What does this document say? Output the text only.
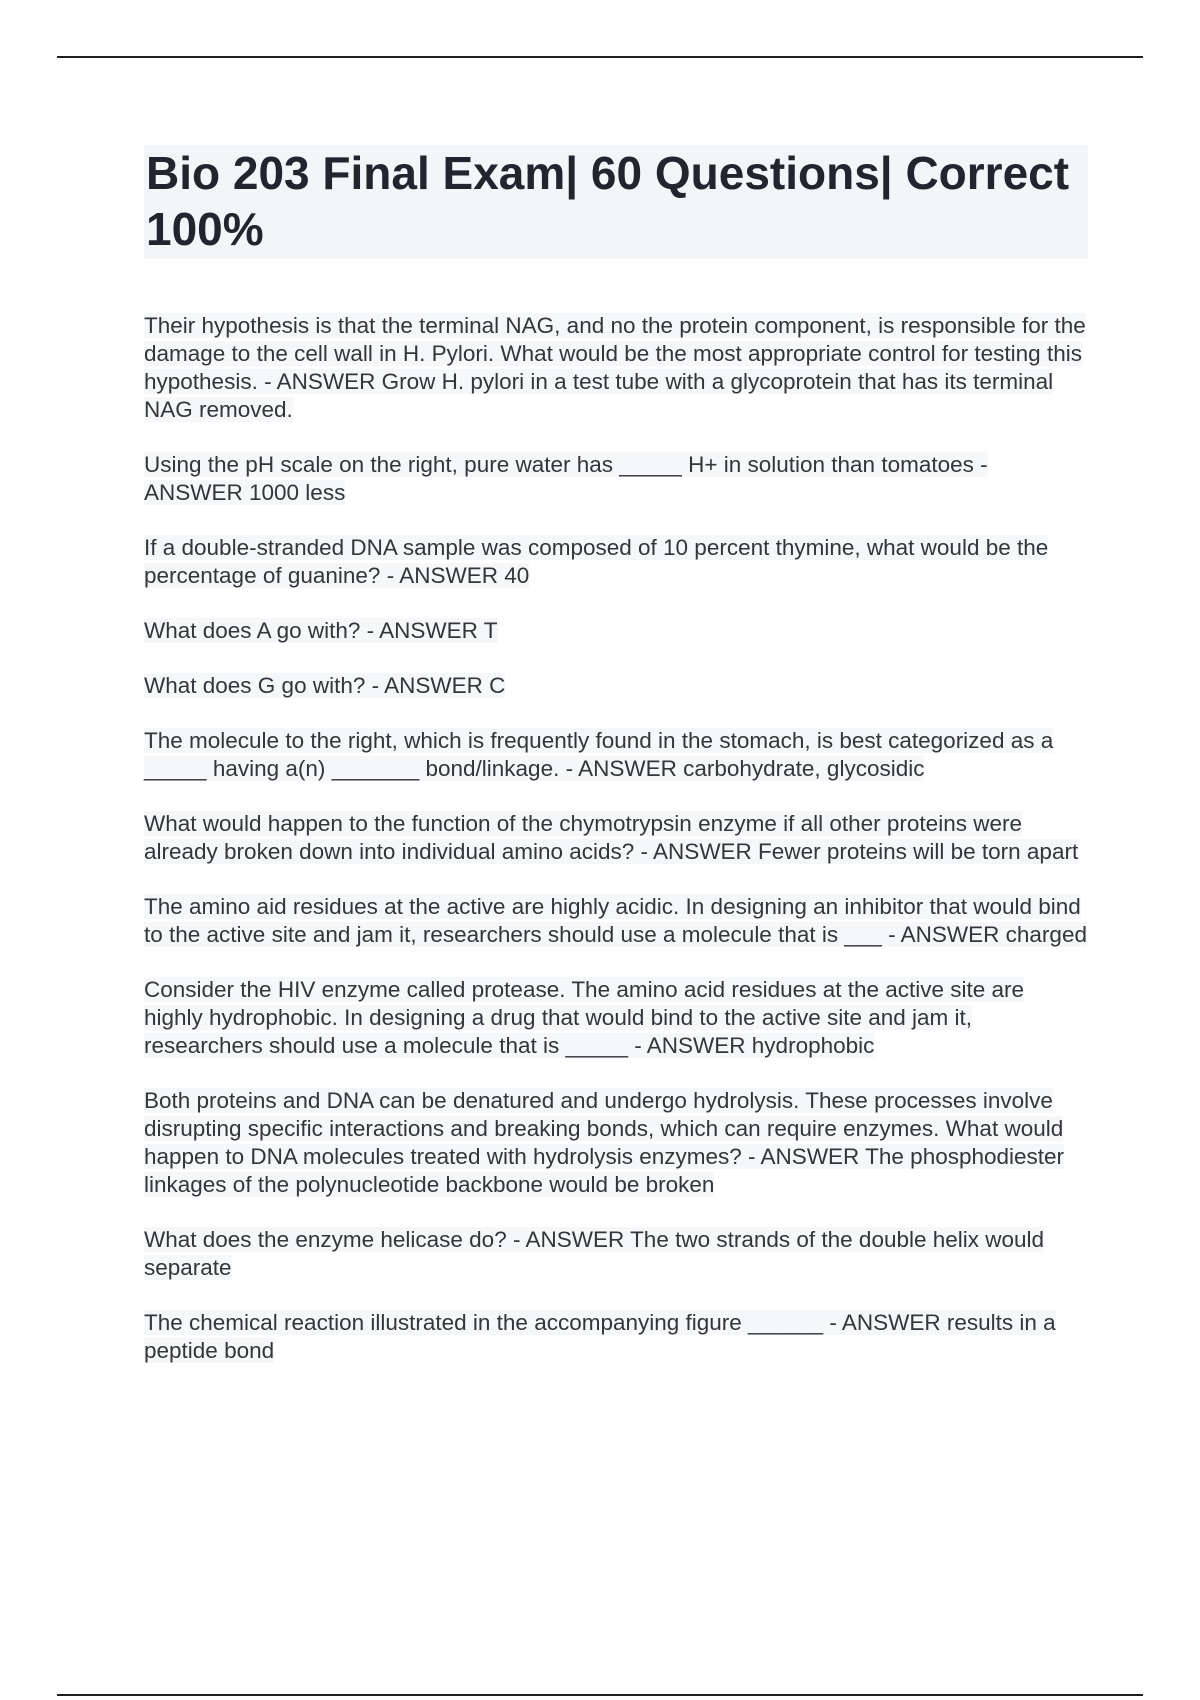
Bio 203 Final Exam| 60 Questions| Correct 100%

Their hypothesis is that the terminal NAG, and no the protein component, is responsible for the damage to the cell wall in H. Pylori. What would be the most appropriate control for testing this hypothesis. - ANSWER Grow H. pylori in a test tube with a glycoprotein that has its terminal NAG removed.

Using the pH scale on the right, pure water has _____ H+ in solution than tomatoes - ANSWER 1000 less

If a double-stranded DNA sample was composed of 10 percent thymine, what would be the percentage of guanine? - ANSWER 40

What does A go with? - ANSWER T

What does G go with? - ANSWER C

The molecule to the right, which is frequently found in the stomach, is best categorized as a _____ having a(n) _______ bond/linkage. - ANSWER carbohydrate, glycosidic

What would happen to the function of the chymotrypsin enzyme if all other proteins were already broken down into individual amino acids? - ANSWER Fewer proteins will be torn apart

The amino aid residues at the active are highly acidic. In designing an inhibitor that would bind to the active site and jam it, researchers should use a molecule that is ___ - ANSWER charged

Consider the HIV enzyme called protease. The amino acid residues at the active site are highly hydrophobic. In designing a drug that would bind to the active site and jam it, researchers should use a molecule that is _____ - ANSWER hydrophobic

Both proteins and DNA can be denatured and undergo hydrolysis. These processes involve disrupting specific interactions and breaking bonds, which can require enzymes. What would happen to DNA molecules treated with hydrolysis enzymes? - ANSWER The phosphodiester linkages of the polynucleotide backbone would be broken

What does the enzyme helicase do? - ANSWER The two strands of the double helix would separate

The chemical reaction illustrated in the accompanying figure ______ - ANSWER results in a peptide bond
